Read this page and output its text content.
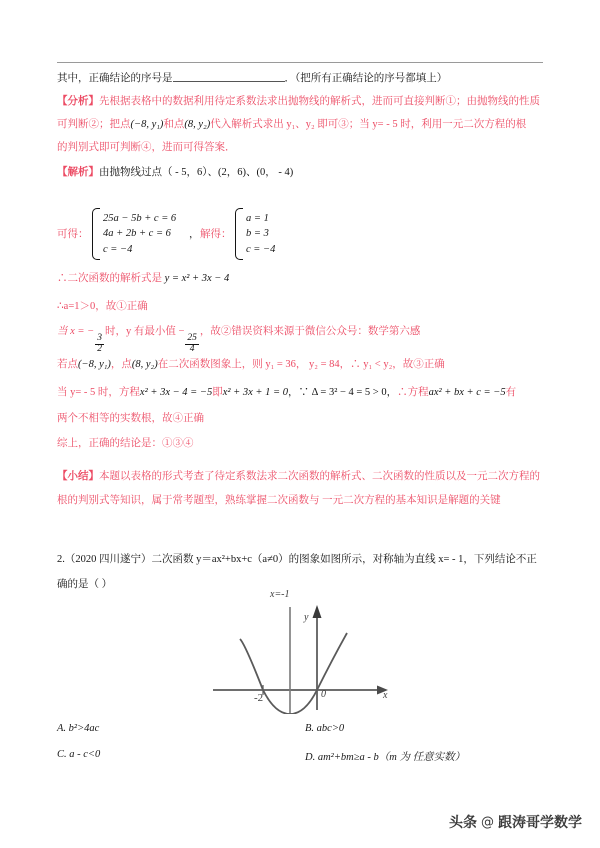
其中，正确结论的序号是	．（把所有正确结论的序号都填上）
【分析】先根据表格中的数据利用待定系数法求出抛物线的解析式，进而可直接判断①；由抛物线的性质
可判断②；把点(−8, y₁)和点(8, y₂)代入解析式求出 y₁、y₂ 即可③；当 y= - 5 时，利用一元二次方程的根
的判别式即可判断④，进而可得答案．
【解析】由抛物线过点（ - 5，6）、(2，6)、(0， - 4)
可得：
25a − 5b + c = 6
4a + 2b + c = 6
c = −4
， 解得：
a = 1
b = 3
c = −4
∴二次函数的解析式是 y = x² + 3x − 4
∴a=1＞0，故①正确
当 x = −
$\frac{3}{2}$
时，y 有最小值 −
$\frac{25}{4}$
，故②错误资料来源于微信公众号：数学第六感
若点(−8, y₁)，点(8, y₂)在二次函数图象上，则 y₁ = 36， y₂ = 84，∴ y₁ < y₂，故③正确
当 y= - 5 时，方程x² + 3x − 4 = −5即x² + 3x + 1 = 0，∵ Δ = 3² − 4 = 5 > 0，∴方程ax² + bx + c = −5有
两个不相等的实数根，故④正确
综上，正确的结论是：①③④
【小结】本题以表格的形式考查了待定系数法求二次函数的解析式、二次函数的性质以及一元二次方程的
根的判别式等知识，属于常考题型，熟练掌握二次函数与 一元二次方程的基本知识是解题的关键
2.（2020 四川遂宁）二次函数 y＝ax²+bx+c（a≠0）的图象如图所示，对称轴为直线 x= - 1，下列结论不正
确的是（ ）
x=-1
y
x
0
-2
A. b²>4ac	B. abc>0
C. a - c<0	D. am²+bm≥a - b（m 为 任意实数）
头条 @ 跟涛哥学数学
